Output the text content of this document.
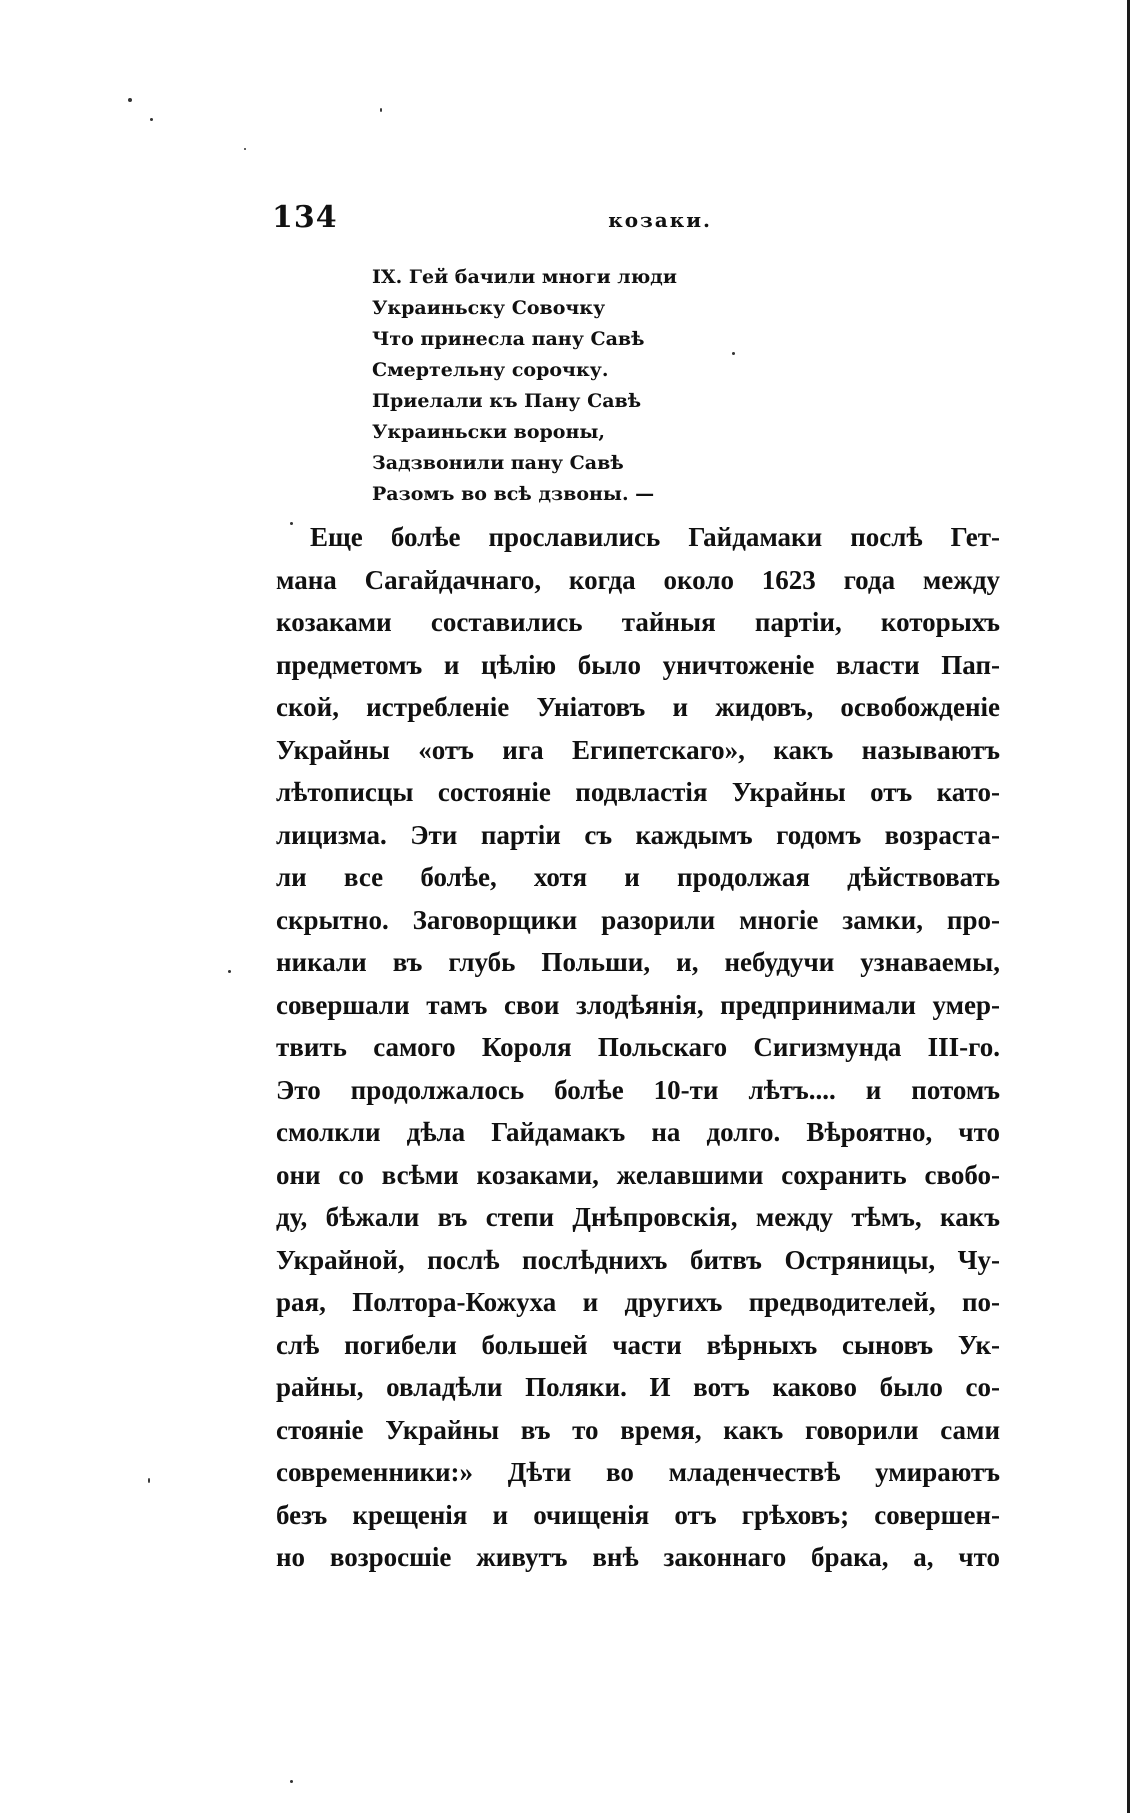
134	козаки.
IX. Гей бачили многи люди
Украиньску Совочку
Что принесла пану Савѣ
Смертельну сорочку.
Приелали къ Пану Савѣ
Украиньски вороны,
Задзвонили пану Савѣ
Разомъ во всѣ дзвоны. —
Еще болѣе прославились Гайдамаки послѣ Гет-
мана Сагайдачнаго, когда около 1623 года между
козаками составились тайныя партіи, которыхъ
предметомъ и цѣлію было уничтоженіе власти Пап-
ской, истребленіе Уніатовъ и жидовъ, освобожденіе
Украйны «отъ ига Египетскаго», какъ называютъ
лѣтописцы состояніе подвластія Украйны отъ като-
лицизма. Эти партіи съ каждымъ годомъ возраста-
ли все болѣе, хотя и продолжая дѣйствовать
скрытно. Заговорщики разорили многіе замки, про-
никали въ глубь Польши, и, небудучи узнаваемы,
совершали тамъ свои злодѣянія, предпринимали умер-
твить самого Короля Польскаго Сигизмунда III-го.
Это продолжалось болѣе 10-ти лѣтъ.... и потомъ
смолкли дѣла Гайдамакъ на долго. Вѣроятно, что
они со всѣми козаками, желавшими сохранить свобо-
ду, бѣжали въ степи Днѣпровскія, между тѣмъ, какъ
Украйной, послѣ послѣднихъ битвъ Остряницы, Чу-
рая, Полтора-Кожуха и другихъ предводителей, по-
слѣ погибели большей части вѣрныхъ сыновъ Ук-
райны, овладѣли Поляки. И вотъ каково было со-
стояніе Украйны въ то время, какъ говорили сами
современники:» Дѣти во младенчествѣ умираютъ
безъ крещенія и очищенія отъ грѣховъ; совершен-
но возросшіе живутъ внѣ законнаго брака, а, что
